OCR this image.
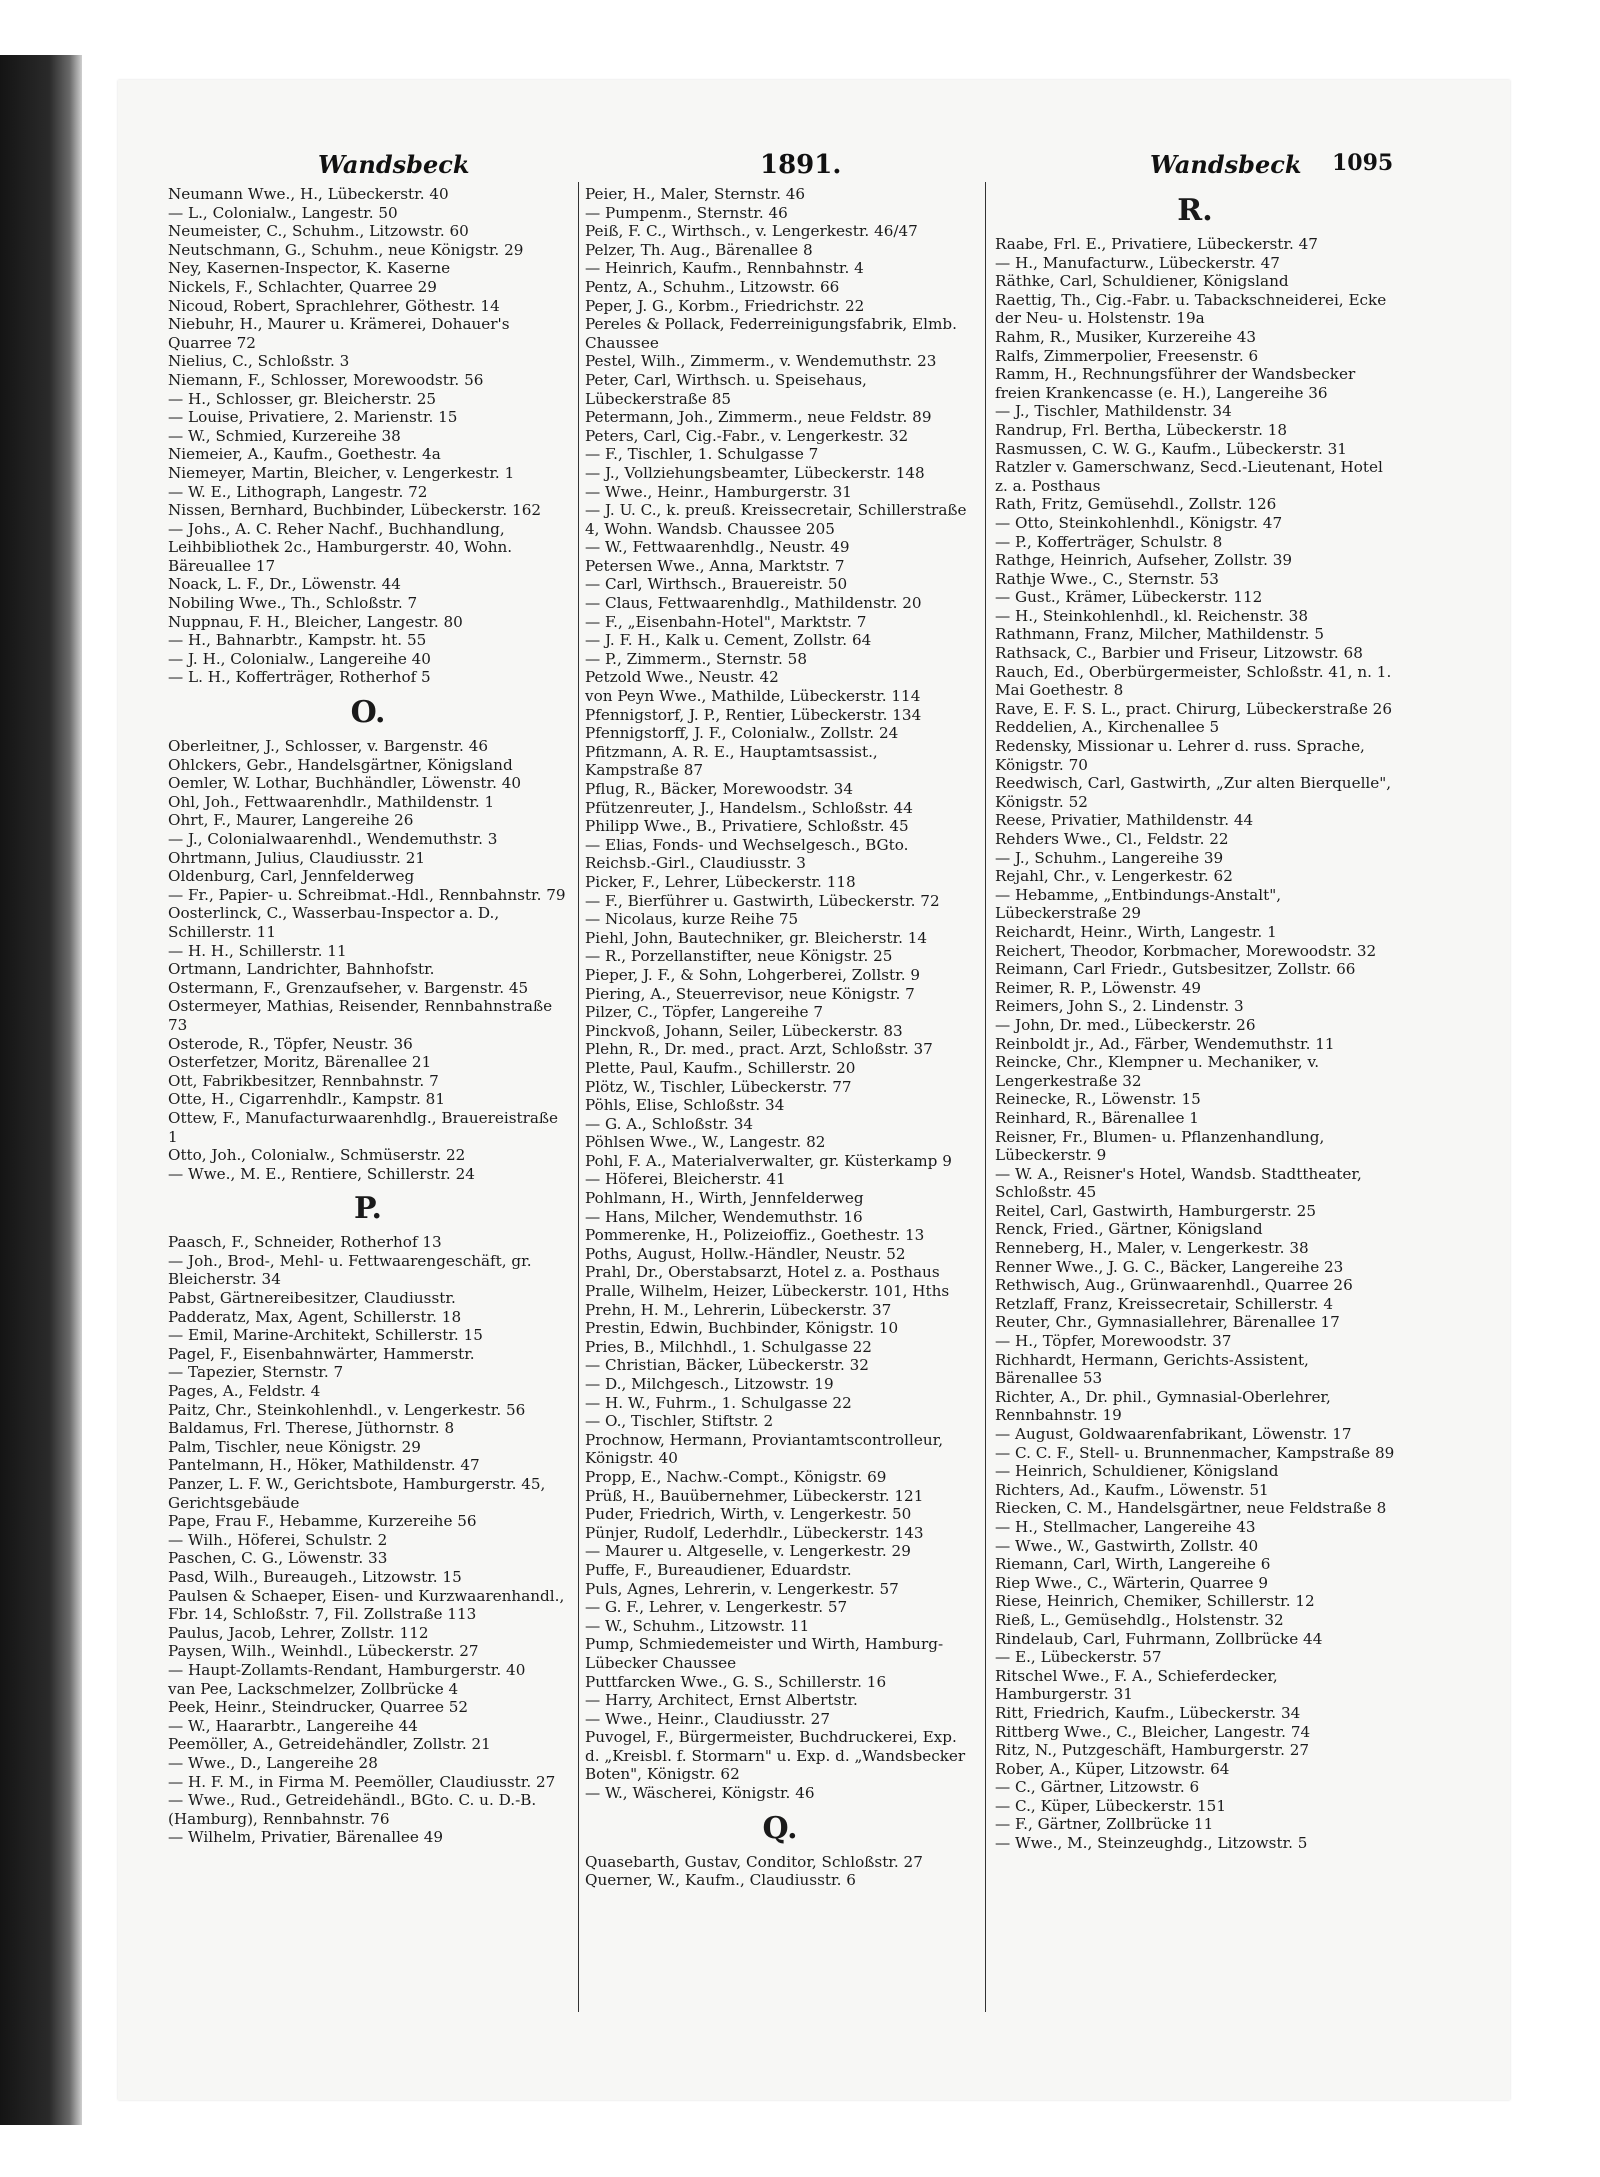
Wandsbeck	1891.	Wandsbeck 1095
Neumann Wwe., H., Lübeckerstr. 40
— L., Colonialw., Langestr. 50
Neumeister, C., Schuhm., Litzowstr. 60
Neutschmann, G., Schuhm., neue Königstr. 29
Ney, Kasernen-Inspector, K. Kaserne
Nickels, F., Schlachter, Quarree 29
Nicoud, Robert, Sprachlehrer, Göthestr. 14
Niebuhr, H., Maurer u. Krämerei, Dohauer's Quarree 72
Nielius, C., Schloßstr. 3
Niemann, F., Schlosser, Morewoodstr. 56
— H., Schlosser, gr. Bleicherstr. 25
— Louise, Privatiere, 2. Marienstr. 15
— W., Schmied, Kurzereihe 38
Niemeier, A., Kaufm., Goethestr. 4a
Niemeyer, Martin, Bleicher, v. Lengerkestr. 1
— W. E., Lithograph, Langestr. 72
Nissen, Bernhard, Buchbinder, Lübeckerstr. 162
— Johs., A. C. Reher Nachf., Buchhandlung, Leihbibliothek 2c., Hamburgerstr. 40, Wohn. Bäreuallee 17
Noack, L. F., Dr., Löwenstr. 44
Nobiling Wwe., Th., Schloßstr. 7
Nuppnau, F. H., Bleicher, Langestr. 80
— H., Bahnarbtr., Kampstr. ht. 55
— J. H., Colonialw., Langereihe 40
— L. H., Kofferträger, Rotherhof 5
O.
Oberleitner, J., Schlosser, v. Bargenstr. 46
Ohlckers, Gebr., Handelsgärtner, Königsland
Oemler, W. Lothar, Buchhändler, Löwenstr. 40
Ohl, Joh., Fettwaarenhdlr., Mathildenstr. 1
Ohrt, F., Maurer, Langereihe 26
— J., Colonialwaarenhdl., Wendemuthstr. 3
Ohrtmann, Julius, Claudiusstr. 21
Oldenburg, Carl, Jennfelderweg
— Fr., Papier- u. Schreibmat.-Hdl., Rennbahnstr. 79
Oosterlinck, C., Wasserbau-Inspector a. D., Schillerstr. 11
— H. H., Schillerstr. 11
Ortmann, Landrichter, Bahnhofstr.
Ostermann, F., Grenzaufseher, v. Bargenstr. 45
Ostermeyer, Mathias, Reisender, Rennbahnstraße 73
Osterode, R., Töpfer, Neustr. 36
Osterfetzer, Moritz, Bärenallee 21
Ott, Fabrikbesitzer, Rennbahnstr. 7
Otte, H., Cigarrenhdlr., Kampstr. 81
Ottew, F., Manufacturwaarenhdlg., Brauereistraße 1
Otto, Joh., Colonialw., Schmüserstr. 22
— Wwe., M. E., Rentiere, Schillerstr. 24
P.
Paasch, F., Schneider, Rotherhof 13
— Joh., Brod-, Mehl- u. Fettwaarengeschäft, gr. Bleicherstr. 34
Pabst, Gärtnereibesitzer, Claudiusstr.
Padderatz, Max, Agent, Schillerstr. 18
— Emil, Marine-Architekt, Schillerstr. 15
Pagel, F., Eisenbahnwärter, Hammerstr.
— Tapezier, Sternstr. 7
Pages, A., Feldstr. 4
Paitz, Chr., Steinkohlenhdl., v. Lengerkestr. 56
Baldamus, Frl. Therese, Jüthornstr. 8
Palm, Tischler, neue Königstr. 29
Pantelmann, H., Höker, Mathildenstr. 47
Panzer, L. F. W., Gerichtsbote, Hamburgerstr. 45, Gerichtsgebäude
Pape, Frau F., Hebamme, Kurzereihe 56
— Wilh., Höferei, Schulstr. 2
Paschen, C. G., Löwenstr. 33
Pasd, Wilh., Bureaugeh., Litzowstr. 15
Paulsen & Schaeper, Eisen- und Kurzwaarenhandl., Fbr. 14, Schloßstr. 7, Fil. Zollstraße 113
Paulus, Jacob, Lehrer, Zollstr. 112
Paysen, Wilh., Weinhdl., Lübeckerstr. 27
— Haupt-Zollamts-Rendant, Hamburgerstr. 40
van Pee, Lackschmelzer, Zollbrücke 4
Peek, Heinr., Steindrucker, Quarree 52
— W., Haararbtr., Langereihe 44
Peemöller, A., Getreidehändler, Zollstr. 21
— Wwe., D., Langereihe 28
— H. F. M., in Firma M. Peemöller, Claudiusstr. 27
— Wwe., Rud., Getreidehändl., BGto. C. u. D.-B. (Hamburg), Rennbahnstr. 76
— Wilhelm, Privatier, Bärenallee 49
Peier, H., Maler, Sternstr. 46
— Pumpenm., Sternstr. 46
Peiß, F. C., Wirthsch., v. Lengerkestr. 46/47
Pelzer, Th. Aug., Bärenallee 8
— Heinrich, Kaufm., Rennbahnstr. 4
Pentz, A., Schuhm., Litzowstr. 66
Peper, J. G., Korbm., Friedrichstr. 22
Pereles & Pollack, Federreinigungsfabrik, Elmb. Chaussee
Pestel, Wilh., Zimmerm., v. Wendemuthstr. 23
Peter, Carl, Wirthsch. u. Speisehaus, Lübeckerstraße 85
Petermann, Joh., Zimmerm., neue Feldstr. 89
Peters, Carl, Cig.-Fabr., v. Lengerkestr. 32
— F., Tischler, 1. Schulgasse 7
— J., Vollziehungsbeamter, Lübeckerstr. 148
— Wwe., Heinr., Hamburgerstr. 31
— J. U. C., k. preuß. Kreissecretair, Schillerstraße 4, Wohn. Wandsb. Chaussee 205
— W., Fettwaarenhdlg., Neustr. 49
Petersen Wwe., Anna, Marktstr. 7
— Carl, Wirthsch., Brauereistr. 50
— Claus, Fettwaarenhdlg., Mathildenstr. 20
— F., „Eisenbahn-Hotel", Marktstr. 7
— J. F. H., Kalk u. Cement, Zollstr. 64
— P., Zimmerm., Sternstr. 58
Petzold Wwe., Neustr. 42
von Peyn Wwe., Mathilde, Lübeckerstr. 114
Pfennigstorf, J. P., Rentier, Lübeckerstr. 134
Pfennigstorff, J. F., Colonialw., Zollstr. 24
Pfitzmann, A. R. E., Hauptamtsassist., Kampstraße 87
Pflug, R., Bäcker, Morewoodstr. 34
Pfützenreuter, J., Handelsm., Schloßstr. 44
Philipp Wwe., B., Privatiere, Schloßstr. 45
— Elias, Fonds- und Wechselgesch., BGto. Reichsb.-Girl., Claudiusstr. 3
Picker, F., Lehrer, Lübeckerstr. 118
— F., Bierführer u. Gastwirth, Lübeckerstr. 72
— Nicolaus, kurze Reihe 75
Piehl, John, Bautechniker, gr. Bleicherstr. 14
— R., Porzellanstifter, neue Königstr. 25
Pieper, J. F., & Sohn, Lohgerberei, Zollstr. 9
Piering, A., Steuerrevisor, neue Königstr. 7
Pilzer, C., Töpfer, Langereihe 7
Pinckvoß, Johann, Seiler, Lübeckerstr. 83
Plehn, R., Dr. med., pract. Arzt, Schloßstr. 37
Plette, Paul, Kaufm., Schillerstr. 20
Plötz, W., Tischler, Lübeckerstr. 77
Pöhls, Elise, Schloßstr. 34
— G. A., Schloßstr. 34
Pöhlsen Wwe., W., Langestr. 82
Pohl, F. A., Materialverwalter, gr. Küsterkamp 9
— Höferei, Bleicherstr. 41
Pohlmann, H., Wirth, Jennfelderweg
— Hans, Milcher, Wendemuthstr. 16
Pommerenke, H., Polizeioffiz., Goethestr. 13
Poths, August, Hollw.-Händler, Neustr. 52
Prahl, Dr., Oberstabsarzt, Hotel z. a. Posthaus
Pralle, Wilhelm, Heizer, Lübeckerstr. 101, Hths
Prehn, H. M., Lehrerin, Lübeckerstr. 37
Prestin, Edwin, Buchbinder, Königstr. 10
Pries, B., Milchhdl., 1. Schulgasse 22
— Christian, Bäcker, Lübeckerstr. 32
— D., Milchgesch., Litzowstr. 19
— H. W., Fuhrm., 1. Schulgasse 22
— O., Tischler, Stiftstr. 2
Prochnow, Hermann, Proviantamtscontrolleur, Königstr. 40
Propp, E., Nachw.-Compt., Königstr. 69
Prüß, H., Bauübernehmer, Lübeckerstr. 121
Puder, Friedrich, Wirth, v. Lengerkestr. 50
Pünjer, Rudolf, Lederhdlr., Lübeckerstr. 143
— Maurer u. Altgeselle, v. Lengerkestr. 29
Puffe, F., Bureaudiener, Eduardstr.
Puls, Agnes, Lehrerin, v. Lengerkestr. 57
— G. F., Lehrer, v. Lengerkestr. 57
— W., Schuhm., Litzowstr. 11
Pump, Schmiedemeister und Wirth, Hamburg-Lübecker Chaussee
Puttfarcken Wwe., G. S., Schillerstr. 16
— Harry, Architect, Ernst Albertstr.
— Wwe., Heinr., Claudiusstr. 27
Puvogel, F., Bürgermeister, Buchdruckerei, Exp. d. „Kreisbl. f. Stormarn" u. Exp. d. „Wandsbecker Boten", Königstr. 62
— W., Wäscherei, Königstr. 46
Q.
Quasebarth, Gustav, Conditor, Schloßstr. 27
Querner, W., Kaufm., Claudiusstr. 6
R.
Raabe, Frl. E., Privatiere, Lübeckerstr. 47
— H., Manufacturw., Lübeckerstr. 47
Räthke, Carl, Schuldiener, Königsland
Raettig, Th., Cig.-Fabr. u. Tabackschneiderei, Ecke der Neu- u. Holstenstr. 19a
Rahm, R., Musiker, Kurzereihe 43
Ralfs, Zimmerpolier, Freesenstr. 6
Ramm, H., Rechnungsführer der Wandsbecker freien Krankencasse (e. H.), Langereihe 36
— J., Tischler, Mathildenstr. 34
Randrup, Frl. Bertha, Lübeckerstr. 18
Rasmussen, C. W. G., Kaufm., Lübeckerstr. 31
Ratzler v. Gamerschwanz, Secd.-Lieutenant, Hotel z. a. Posthaus
Rath, Fritz, Gemüsehdl., Zollstr. 126
— Otto, Steinkohlenhdl., Königstr. 47
— P., Kofferträger, Schulstr. 8
Rathge, Heinrich, Aufseher, Zollstr. 39
Rathje Wwe., C., Sternstr. 53
— Gust., Krämer, Lübeckerstr. 112
— H., Steinkohlenhdl., kl. Reichenstr. 38
Rathmann, Franz, Milcher, Mathildenstr. 5
Rathsack, C., Barbier und Friseur, Litzowstr. 68
Rauch, Ed., Oberbürgermeister, Schloßstr. 41, n. 1. Mai Goethestr. 8
Rave, E. F. S. L., pract. Chirurg, Lübeckerstraße 26
Reddelien, A., Kirchenallee 5
Redensky, Missionar u. Lehrer d. russ. Sprache, Königstr. 70
Reedwisch, Carl, Gastwirth, „Zur alten Bierquelle", Königstr. 52
Reese, Privatier, Mathildenstr. 44
Rehders Wwe., Cl., Feldstr. 22
— J., Schuhm., Langereihe 39
Rejahl, Chr., v. Lengerkestr. 62
— Hebamme, „Entbindungs-Anstalt", Lübeckerstraße 29
Reichardt, Heinr., Wirth, Langestr. 1
Reichert, Theodor, Korbmacher, Morewoodstr. 32
Reimann, Carl Friedr., Gutsbesitzer, Zollstr. 66
Reimer, R. P., Löwenstr. 49
Reimers, John S., 2. Lindenstr. 3
— John, Dr. med., Lübeckerstr. 26
Reinboldt jr., Ad., Färber, Wendemuthstr. 11
Reincke, Chr., Klempner u. Mechaniker, v. Lengerkestraße 32
Reinecke, R., Löwenstr. 15
Reinhard, R., Bärenallee 1
Reisner, Fr., Blumen- u. Pflanzenhandlung, Lübeckerstr. 9
— W. A., Reisner's Hotel, Wandsb. Stadttheater, Schloßstr. 45
Reitel, Carl, Gastwirth, Hamburgerstr. 25
Renck, Fried., Gärtner, Königsland
Renneberg, H., Maler, v. Lengerkestr. 38
Renner Wwe., J. G. C., Bäcker, Langereihe 23
Rethwisch, Aug., Grünwaarenhdl., Quarree 26
Retzlaff, Franz, Kreissecretair, Schillerstr. 4
Reuter, Chr., Gymnasiallehrer, Bärenallee 17
— H., Töpfer, Morewoodstr. 37
Richhardt, Hermann, Gerichts-Assistent, Bärenallee 53
Richter, A., Dr. phil., Gymnasial-Oberlehrer, Rennbahnstr. 19
— August, Goldwaarenfabrikant, Löwenstr. 17
— C. C. F., Stell- u. Brunnenmacher, Kampstraße 89
— Heinrich, Schuldiener, Königsland
Richters, Ad., Kaufm., Löwenstr. 51
Riecken, C. M., Handelsgärtner, neue Feldstraße 8
— H., Stellmacher, Langereihe 43
— Wwe., W., Gastwirth, Zollstr. 40
Riemann, Carl, Wirth, Langereihe 6
Riep Wwe., C., Wärterin, Quarree 9
Riese, Heinrich, Chemiker, Schillerstr. 12
Rieß, L., Gemüsehdlg., Holstenstr. 32
Rindelaub, Carl, Fuhrmann, Zollbrücke 44
— E., Lübeckerstr. 57
Ritschel Wwe., F. A., Schieferdecker, Hamburgerstr. 31
Ritt, Friedrich, Kaufm., Lübeckerstr. 34
Rittberg Wwe., C., Bleicher, Langestr. 74
Ritz, N., Putzgeschäft, Hamburgerstr. 27
Rober, A., Küper, Litzowstr. 64
— C., Gärtner, Litzowstr. 6
— C., Küper, Lübeckerstr. 151
— F., Gärtner, Zollbrücke 11
— Wwe., M., Steinzeughdg., Litzowstr. 5
